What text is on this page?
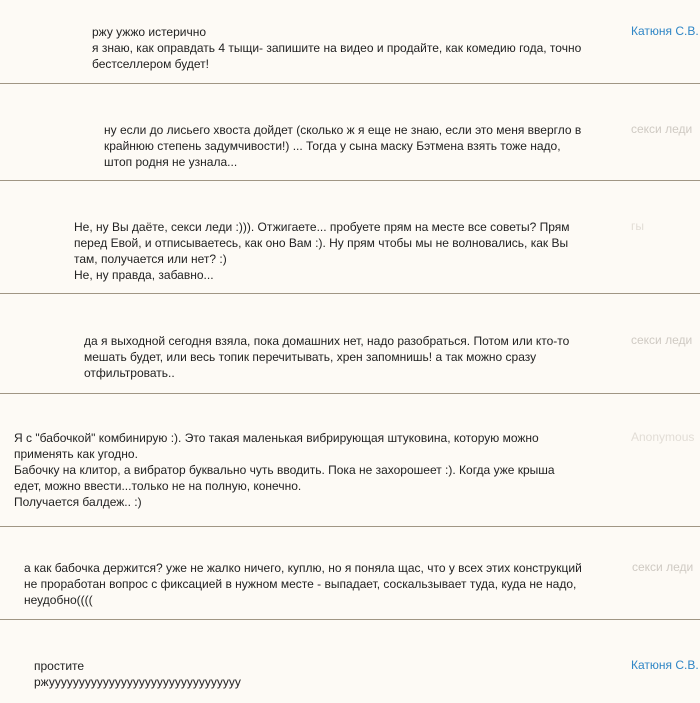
ржу ужжо истерично

я знаю, как оправдать 4 тыщи- запишите на видео и продайте, как комедию года, точно

бестселлером будет!

Катюня С.В.

ну если до лисьего хвоста дойдет (сколько ж я еще не знаю, если это меня ввергло в

крайнюю степень задумчивости!) ... Тогда у сына маску Бэтмена взять тоже надо,

штоп родня не узнала...

секси леди

Не, ну Вы даёте, секси леди :))). Отжигаете... пробуете прям на месте все советы? Прям

перед Евой, и отписываетесь, как оно Вам :). Ну прям чтобы мы не волновались, как Вы

там, получается или нет? :)

Не, ну правда, забавно...

гы

да я выходной сегодня взяла, пока домашних нет, надо разобраться. Потом или кто-то

мешать будет, или весь топик перечитывать, хрен запомнишь! а так можно сразу

отфильтровать..

секси леди

Я с "бабочкой" комбинирую :). Это такая маленькая вибрирующая штуковина, которую можно

применять как угодно.

Бабочку на клитор, а вибратор буквально чуть вводить. Пока не захорошеет :). Когда уже крыша

едет, можно ввести...только не на полную, конечно.

Получается балдеж.. :)

Anonymous

а как бабочка держится? уже не жалко ничего, куплю, но я поняла щас, что у всех этих конструкций

не проработан вопрос с фиксацией в нужном месте - выпадает, соскальзывает туда, куда не надо,

неудобно((((

секси леди

простите

ржуууууууууууууууууууууууууууууууу

Катюня С.В.
